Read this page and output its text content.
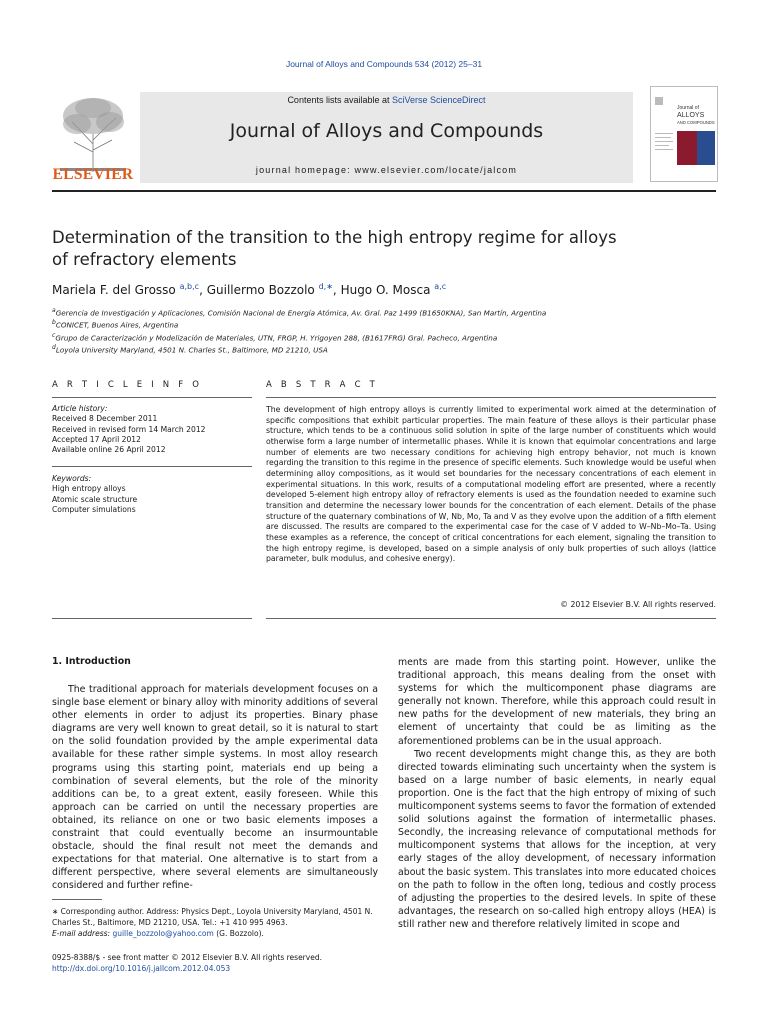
Journal of Alloys and Compounds 534 (2012) 25–31
ELSEVIER
Contents lists available at SciVerse ScienceDirect
Journal of Alloys and Compounds
journal homepage: www.elsevier.com/locate/jalcom
Journal of
ALLOYS
AND COMPOUNDS
Determination of the transition to the high entropy regime for alloys
of refractory elements
Mariela F. del Grosso $^{a,b,c}$, Guillermo Bozzolo $^{d,∗}$, Hugo O. Mosca $^{a,c}$
$^a$Gerencia de Investigación y Aplicaciones, Comisión Nacional de Energía Atómica, Av. Gral. Paz 1499 (B1650KNA), San Martín, Argentina
$^b$CONICET, Buenos Aires, Argentina
$^c$Grupo de Caracterización y Modelización de Materiales, UTN, FRGP, H. Yrigoyen 288, (B1617FRG) Gral. Pacheco, Argentina
$^d$Loyola University Maryland, 4501 N. Charles St., Baltimore, MD 21210, USA
A R T I C L E I N F O	A B S T R A C T
Article history:
Received 8 December 2011
Received in revised form 14 March 2012
Accepted 17 April 2012
Available online 26 April 2012
Keywords:
High entropy alloys
Atomic scale structure
Computer simulations
The development of high entropy alloys is currently limited to experimental work aimed at the determination of specific compositions that exhibit particular properties. The main feature of these alloys is their particular phase structure, which tends to be a continuous solid solution in spite of the large number of constituents which would otherwise form a large number of intermetallic phases. While it is known that equimolar concentrations and large number of elements are two necessary conditions for achieving high entropy behavior, not much is known regarding the transition to this regime in the presence of specific elements. Such knowledge would be useful when determining alloy compositions, as it would set boundaries for the necessary concentrations of each element in experimental situations. In this work, results of a computational modeling effort are presented, where a recently developed 5-element high entropy alloy of refractory elements is used as the foundation needed to examine such transition and determine the necessary lower bounds for the concentration of each element. Details of the phase structure of the quaternary combinations of W, Nb, Mo, Ta and V as they evolve upon the addition of a fifth element are discussed. The results are compared to the experimental case for the case of V added to W–Nb–Mo–Ta. Using these examples as a reference, the concept of critical concentrations for each element, signaling the transition to the high entropy regime, is developed, based on a simple analysis of only bulk properties of such alloys (lattice parameter, bulk modulus, and cohesive energy).
© 2012 Elsevier B.V. All rights reserved.
1. Introduction

The traditional approach for materials development focuses on a single base element or binary alloy with minority additions of several other elements in order to adjust its properties. Binary phase diagrams are very well known to great detail, so it is natural to start on the solid foundation provided by the ample experimental data available for these rather simple systems. In most alloy research programs using this starting point, materials end up being a combination of several elements, but the role of the minority additions can be, to a great extent, easily foreseen. While this approach can be carried on until the necessary properties are obtained, its reliance on one or two basic elements imposes a constraint that could eventually become an insurmountable obstacle, should the final result not meet the demands and expectations for that material. One alternative is to start from a different perspective, where several elements are simultaneously considered and further refine-

ments are made from this starting point. However, unlike the traditional approach, this means dealing from the onset with systems for which the multicomponent phase diagrams are generally not known. Therefore, while this approach could result in new paths for the development of new materials, they bring an element of uncertainty that could be as limiting as the aforementioned problems can be in the usual approach.

Two recent developments might change this, as they are both directed towards eliminating such uncertainty when the system is based on a large number of basic elements, in nearly equal proportion. One is the fact that the high entropy of mixing of such multicomponent systems seems to favor the formation of extended solid solutions against the formation of intermetallic phases. Secondly, the increasing relevance of computational methods for multicomponent systems that allows for the inception, at very early stages of the alloy development, of necessary information about the basic system. This translates into more educated choices on the path to follow in the often long, tedious and costly process of adjusting the properties to the desired levels. In spite of these advantages, the research on so-called high entropy alloys (HEA) is still rather new and therefore relatively limited in scope and

∗ Corresponding author. Address: Physics Dept., Loyola University Maryland, 4501 N. Charles St., Baltimore, MD 21210, USA. Tel.: +1 410 995 4963.
E-mail address: guille_bozzolo@yahoo.com (G. Bozzolo).
0925-8388/$ - see front matter © 2012 Elsevier B.V. All rights reserved.
http://dx.doi.org/10.1016/j.jallcom.2012.04.053
